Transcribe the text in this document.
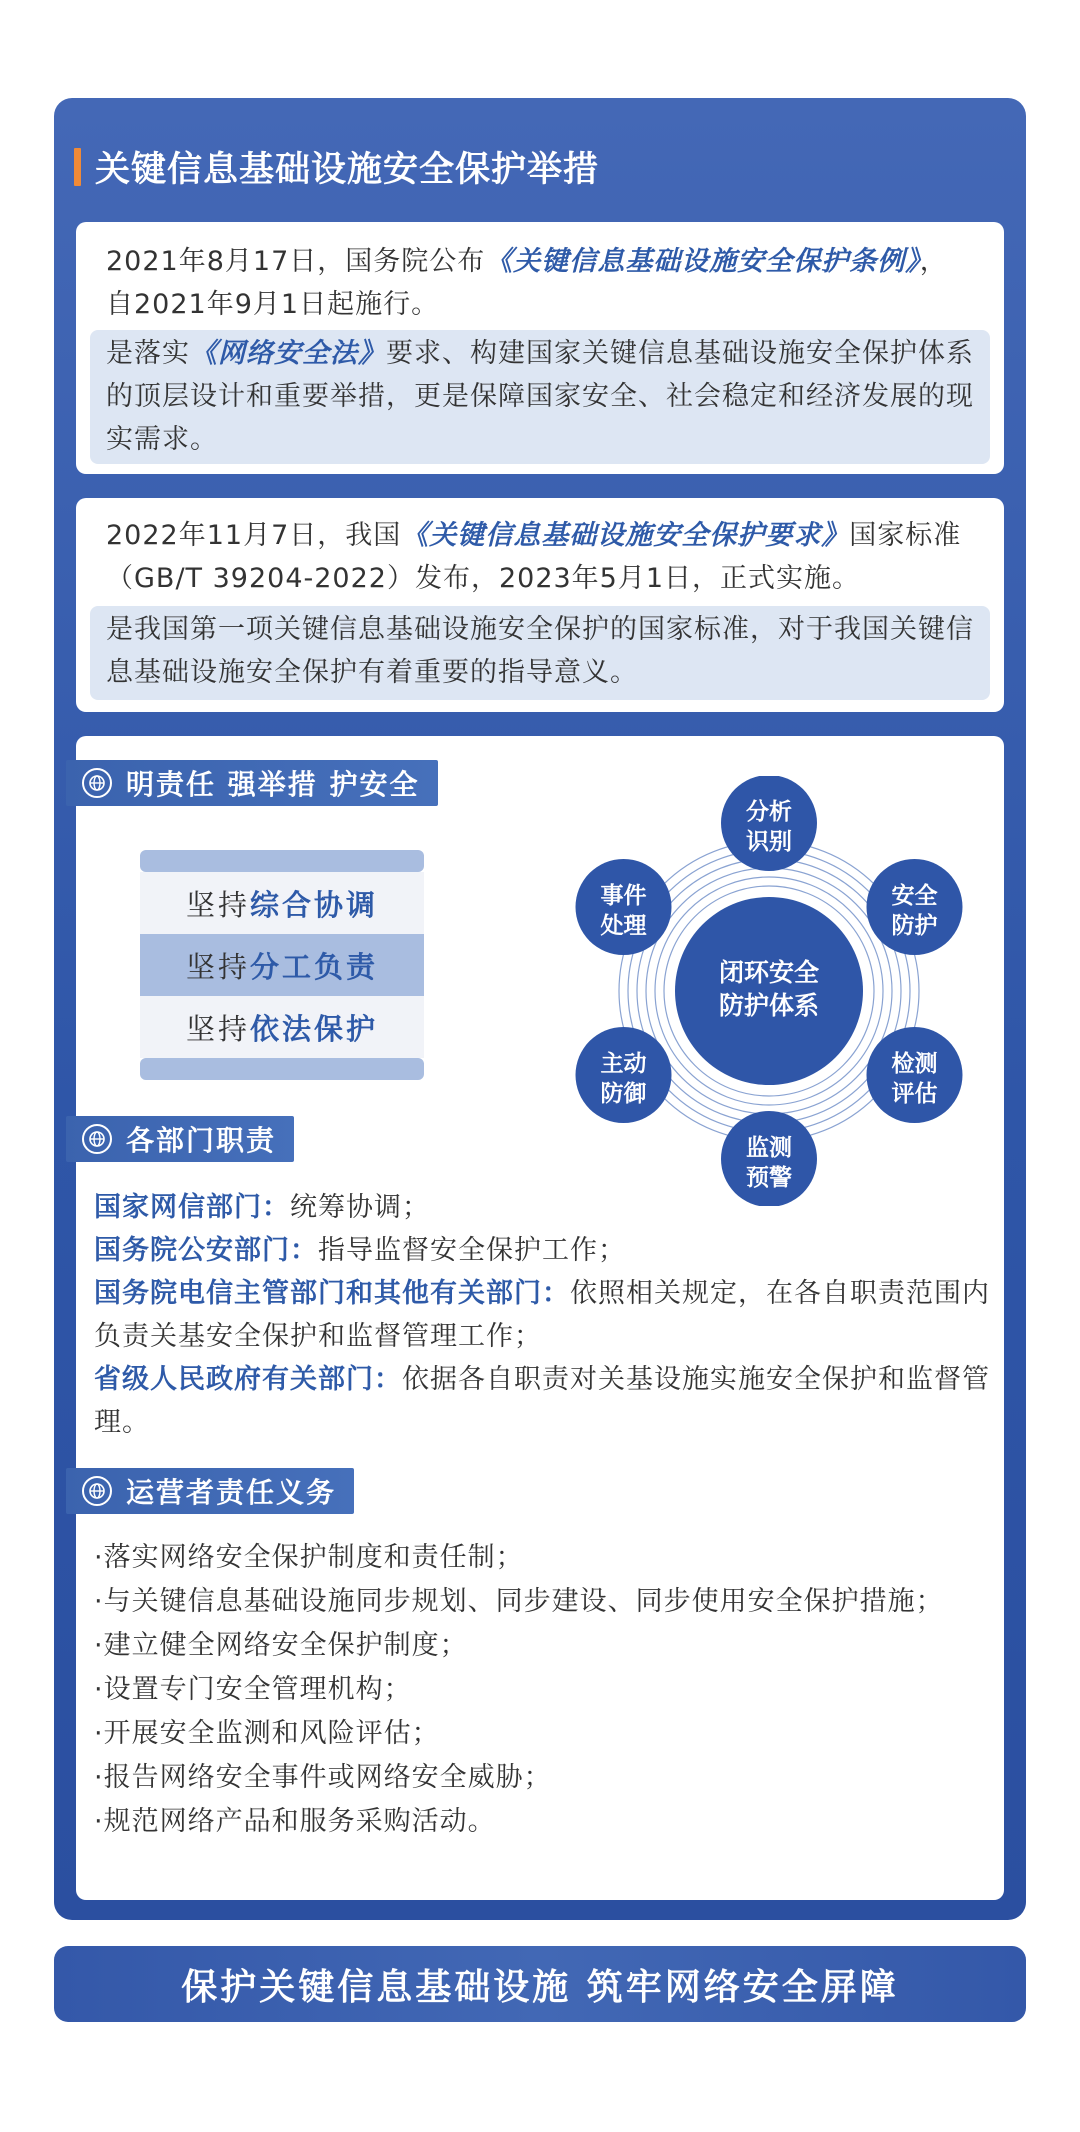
关键信息基础设施安全保护举措
2021年8月17日，国务院公布《关键信息基础设施安全保护条例》，自2021年9月1日起施行。
是落实《网络安全法》要求、构建国家关键信息基础设施安全保护体系的顶层设计和重要举措，更是保障国家安全、社会稳定和经济发展的现实需求。
2022年11月7日，我国《关键信息基础设施安全保护要求》国家标准（GB/T 39204-2022）发布，2023年5月1日，正式实施。
是我国第一项关键信息基础设施安全保护的国家标准，对于我国关键信息基础设施安全保护有着重要的指导意义。
明责任 强举措 护安全
坚持 综合协调
坚持 分工负责
坚持 依法保护
闭环安全
防护体系
分析
识别
安全
防护
检测
评估
监测
预警
主动
防御
事件
处理
各部门职责
国家网信部门：统筹协调；
国务院公安部门：指导监督安全保护工作；
国务院电信主管部门和其他有关部门：依照相关规定，在各自职责范围内负责关基安全保护和监督管理工作；
省级人民政府有关部门：依据各自职责对关基设施实施安全保护和监督管理。
运营者责任义务
·落实网络安全保护制度和责任制；
·与关键信息基础设施同步规划、同步建设、同步使用安全保护措施；
·建立健全网络安全保护制度；
·设置专门安全管理机构；
·开展安全监测和风险评估；
·报告网络安全事件或网络安全威胁；
·规范网络产品和服务采购活动。
保护关键信息基础设施 筑牢网络安全屏障
